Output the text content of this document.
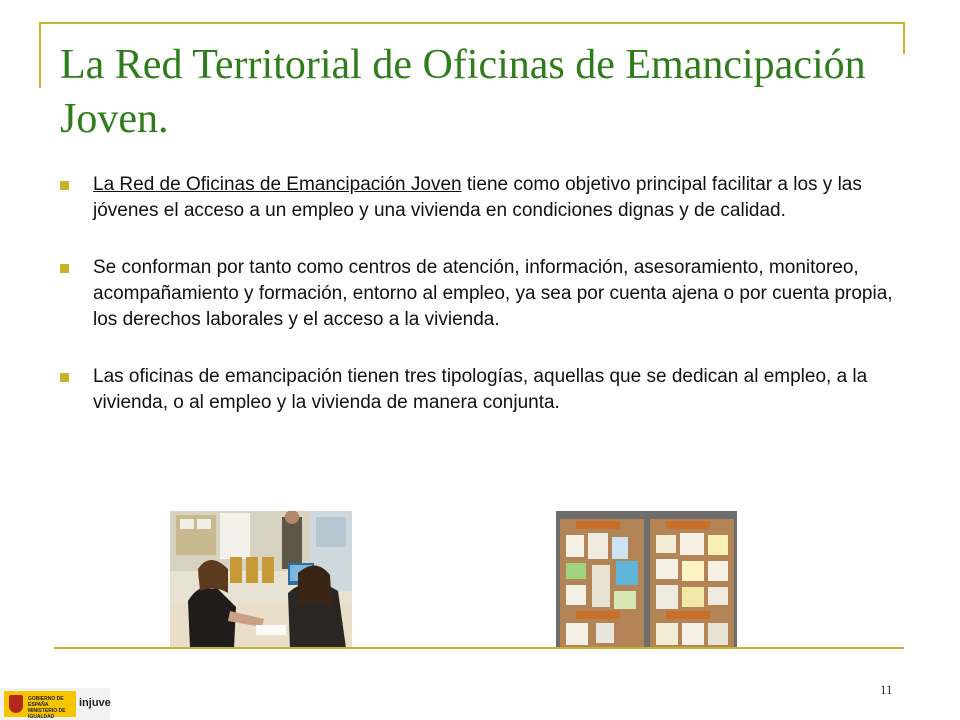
La Red Territorial de Oficinas de Emancipación Joven.
La Red de Oficinas de Emancipación Joven tiene como objetivo principal facilitar a los y las jóvenes el acceso a un empleo y una vivienda en condiciones dignas y de calidad.
Se conforman por tanto como centros de atención, información, asesoramiento, monitoreo, acompañamiento y formación, entorno al empleo, ya sea por cuenta ajena o por cuenta propia, los derechos laborales y el acceso a la vivienda.
Las oficinas de emancipación tienen tres tipologías, aquellas que se dedican al empleo, a la vivienda, o al empleo y la vivienda de manera conjunta.
11
GOBIERNO DE ESPAÑA MINISTERIO DE IGUALDAD
injuve
